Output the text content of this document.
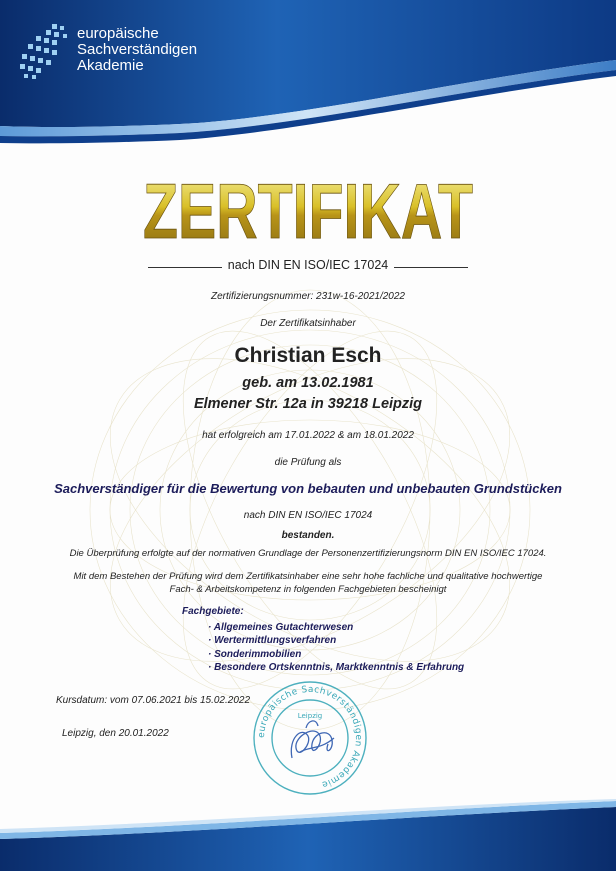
europäische
Sachverständigen
Akademie
ZERTIFIKAT
nach DIN EN ISO/IEC 17024
Zertifizierungsnummer: 231w-16-2021/2022
Der Zertifikatsinhaber
Christian Esch
geb. am 13.02.1981
Elmener Str. 12a in 39218 Leipzig
hat erfolgreich am 17.01.2022 & am 18.01.2022
die Prüfung als
Sachverständiger für die Bewertung von bebauten und unbebauten Grundstücken
nach DIN EN ISO/IEC 17024
bestanden.
Die Überprüfung erfolgte auf der normativen Grundlage der Personenzertifizierungsnorm DIN EN ISO/IEC 17024.
Mit dem Bestehen der Prüfung wird dem Zertifikatsinhaber eine sehr hohe fachliche und qualitative hochwertige
Fach- & Arbeitskompetenz in folgenden Fachgebieten bescheinigt
Fachgebiete:
· Allgemeines Gutachterwesen
· Wertermittlungsverfahren
· Sonderimmobilien
· Besondere Ortskenntnis, Marktkenntnis & Erfahrung
Kursdatum: vom 07.06.2021 bis 15.02.2022
Leipzig, den 20.01.2022	europäische Sachverständigen Akademie
Leipzig
